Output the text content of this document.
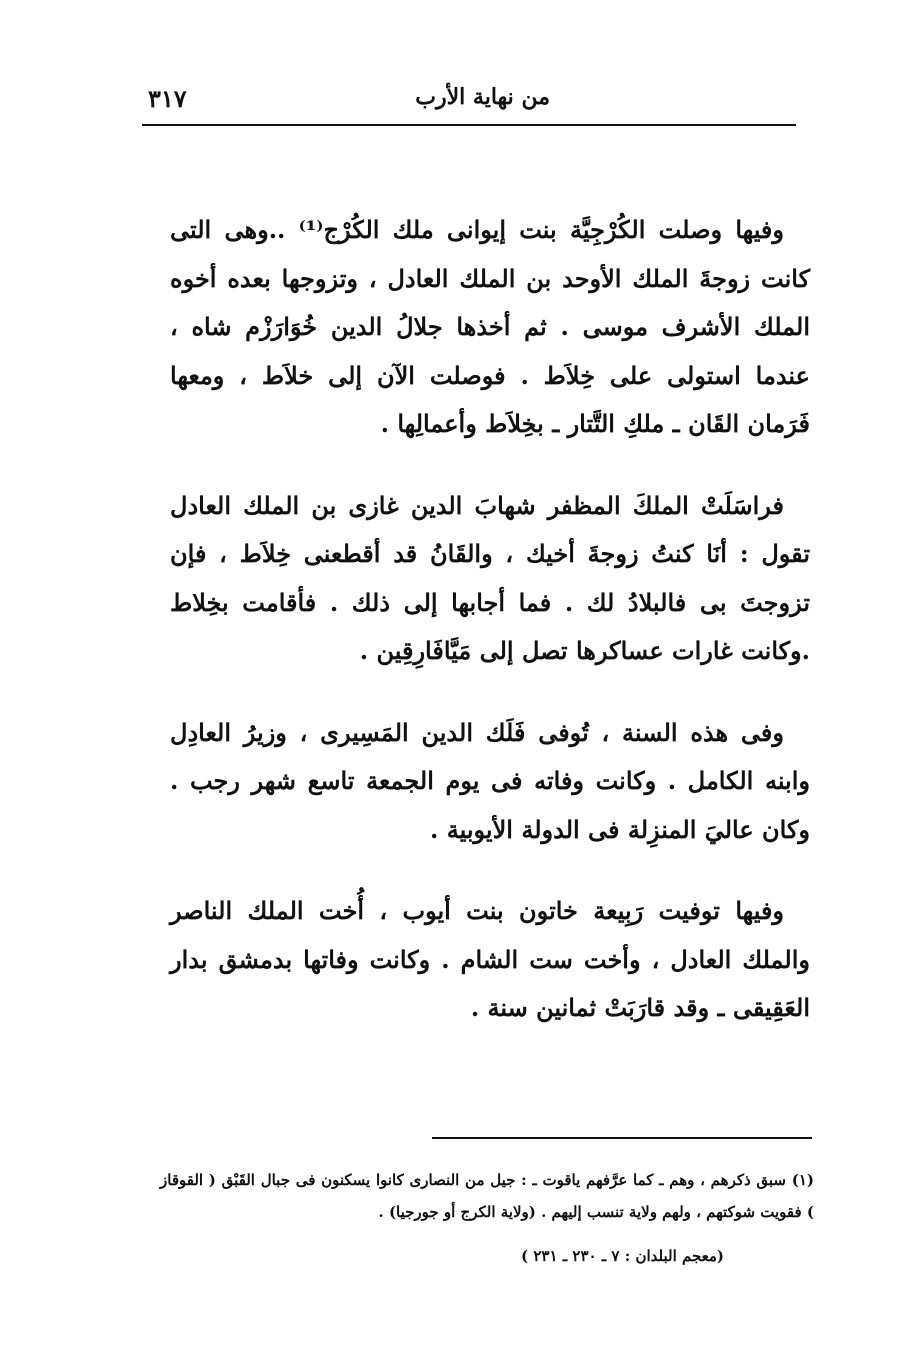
من نهاية الأرب
٣١٧

وفيها وصلت الكُرْجِيَّة بنت إيوانى ملك الكُرْج⁽¹⁾ ..وهى التى كانت زوجةَ الملك الأوحد بن الملك العادل ، وتزوجها بعده أخوه الملك الأشرف موسى . ثم أخذها جلالُ الدين خُوَارَزْم شاه ، عندما استولى على خِلاَط . فوصلت الآن إلى خلاَط ، ومعها فَرَمان القَان ـ ملكِ التَّتار ـ بخِلاَط وأعمالِها .

فراسَلَتْ الملكَ المظفر شهابَ الدين غازى بن الملك العادل تقول : أنَا كنتُ زوجةَ أخيك ، والقَانُ قد أقطعنى خِلاَط ، فإن تزوجتَ بى فالبلادُ لك . فما أجابها إلى ذلك . فأقامت بخِلاط .وكانت غارات عساكرها تصل إلى مَيَّافَارِقِين .

وفى هذه السنة ، تُوفى فَلَك الدين المَسِيرى ، وزيرُ العادِل وابنه الكامل . وكانت وفاته فى يوم الجمعة تاسع شهر رجب . وكان عاليَ المنزِلة فى الدولة الأيوبية .

وفيها توفيت رَبِيعة خاتون بنت أيوب ، أُخت الملك الناصر والملك العادل ، وأخت ست الشام . وكانت وفاتها بدمشق بدار العَقِيقى ـ وقد قارَبَتْ ثمانين سنة .

(١) سبق ذكرهم ، وهم ـ كما عرَّفهم ياقوت ـ : جيل من النصارى كانوا يسكنون فى جبال القَبْق ( القوقاز ) فقويت شوكتهم ، ولهم ولاية تنسب إليهم . (ولاية الكرج أو جورجيا) .

(معجم البلدان : ٧ ـ ٢٣٠ ـ ٢٣١ )
